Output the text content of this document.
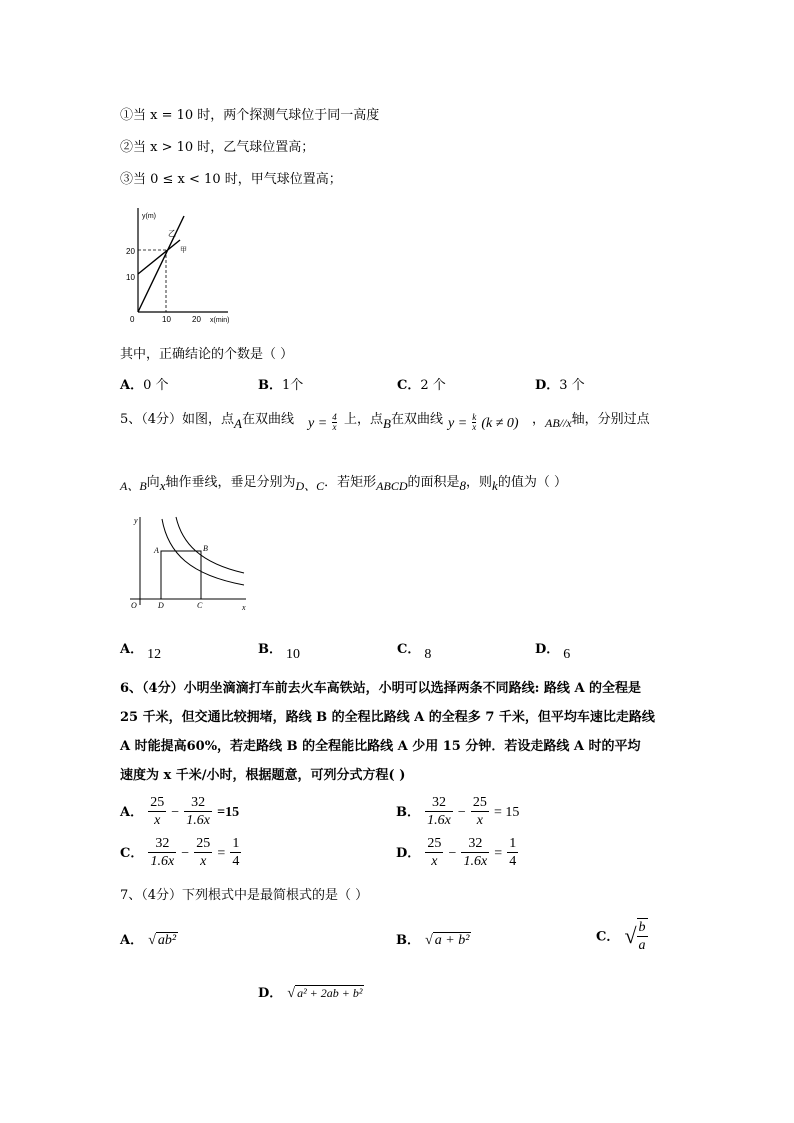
①当 x = 10 时，两个探测气球位于同一高度
②当 x > 10 时，乙气球位置高；
③当 0 ≤ x < 10 时，甲气球位置高；
y(m)
x(min)
0
10
20
10	20
乙
甲
其中，正确结论的个数是（ ）
A．0 个	B．1个	C．2 个	D．3 个
5、（4分）如图，点A在双曲线 $y = \frac{4}{x}$ 上，点B在双曲线 $y = \frac{k}{x} (k \ne 0)$ ，AB//x轴，分别过点
A、B向x轴作垂线，垂足分别为D、C．若矩形ABCD的面积是8，则k的值为（ ）
y
x
O
A	B
D	C
A． 12	B． 10	C． 8	D． 6
6、（4分）小明坐滴滴打车前去火车高铁站，小明可以选择两条不同路线: 路线 A 的全程是
25 千米，但交通比较拥堵，路线 B 的全程比路线 A 的全程多 7 千米，但平均车速比走路线
A 时能提高60%，若走路线 B 的全程能比路线 A 少用 15 分钟．若设走路线 A 时的平均
速度为 x 千米/小时，根据题意，可列分式方程( )
A． $\frac{25}{x} - \frac{32}{1.6x} =15$	B． $\frac{32}{1.6x} - \frac{25}{x} = 15$
C． $\frac{32}{1.6x} - \frac{25}{x} = \frac{1}{4}$	D． $\frac{25}{x} - \frac{32}{1.6x} = \frac{1}{4}$
7、（4分）下列根式中是最简根式的是（ ）
A． √ ab²	B． √ a + b²	C． √ $\frac{b}{a}$
D． √ a² + 2ab + b²
